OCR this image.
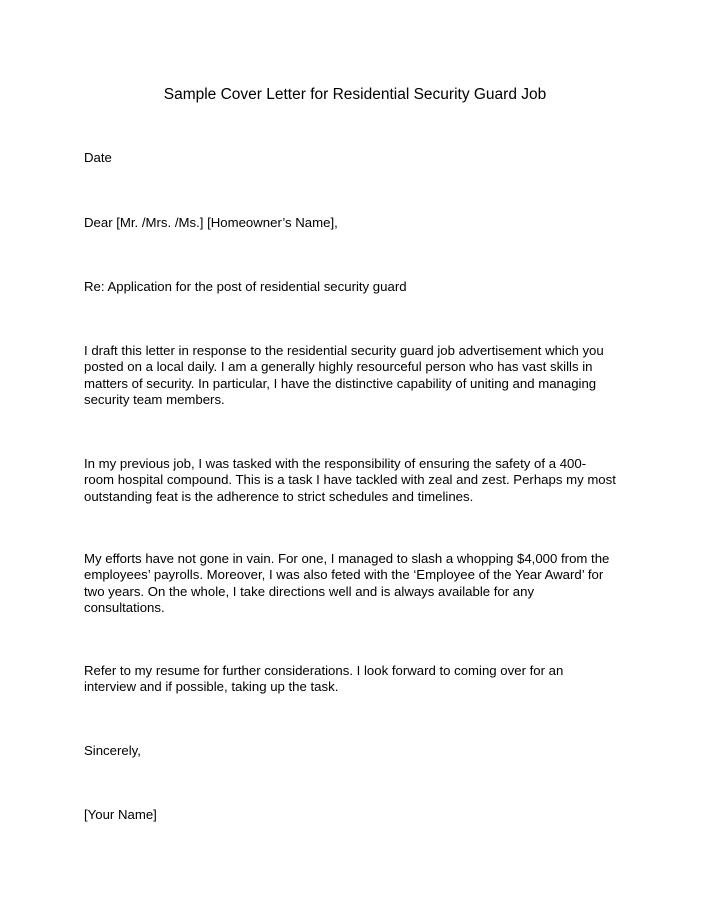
Sample Cover Letter for Residential Security Guard Job
Date
Dear [Mr. /Mrs. /Ms.] [Homeowner’s Name],
Re: Application for the post of residential security guard
I draft this letter in response to the residential security guard job advertisement which you
posted on a local daily. I am a generally highly resourceful person who has vast skills in
matters of security. In particular, I have the distinctive capability of uniting and managing
security team members.
In my previous job, I was tasked with the responsibility of ensuring the safety of a 400-
room hospital compound. This is a task I have tackled with zeal and zest. Perhaps my most
outstanding feat is the adherence to strict schedules and timelines.
My efforts have not gone in vain. For one, I managed to slash a whopping $4,000 from the
employees’ payrolls. Moreover, I was also feted with the ‘Employee of the Year Award’ for
two years. On the whole, I take directions well and is always available for any
consultations.
Refer to my resume for further considerations. I look forward to coming over for an
interview and if possible, taking up the task.
Sincerely,
[Your Name]
